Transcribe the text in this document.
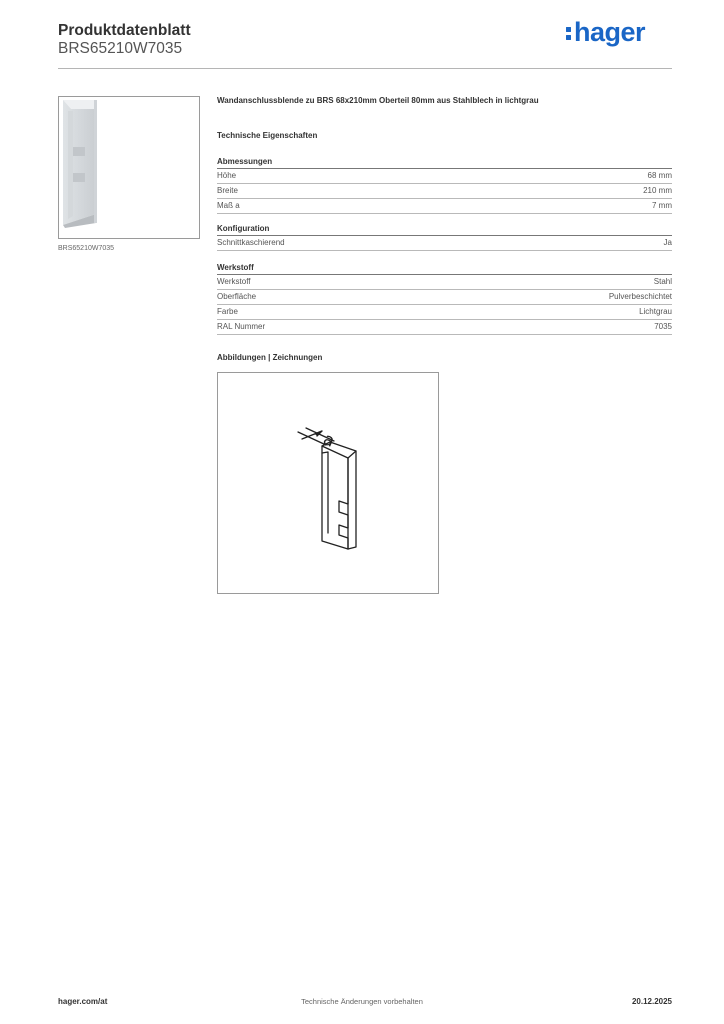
Produktdatenblatt
BRS65210W7035
hager
BRS65210W7035
Wandanschlussblende zu BRS 68x210mm Oberteil 80mm aus Stahlblech in lichtgrau
Technische Eigenschaften
Abmessungen
Höhe	68 mm
Breite	210 mm
Maß a	7 mm
Konfiguration
Schnittkaschierend	Ja
Werkstoff
Werkstoff	Stahl
Oberfläche	Pulverbeschichtet
Farbe	Lichtgrau
RAL Nummer	7035
Abbildungen | Zeichnungen
a
Technische Änderungen vorbehalten
hager.com/at	20.12.2025
